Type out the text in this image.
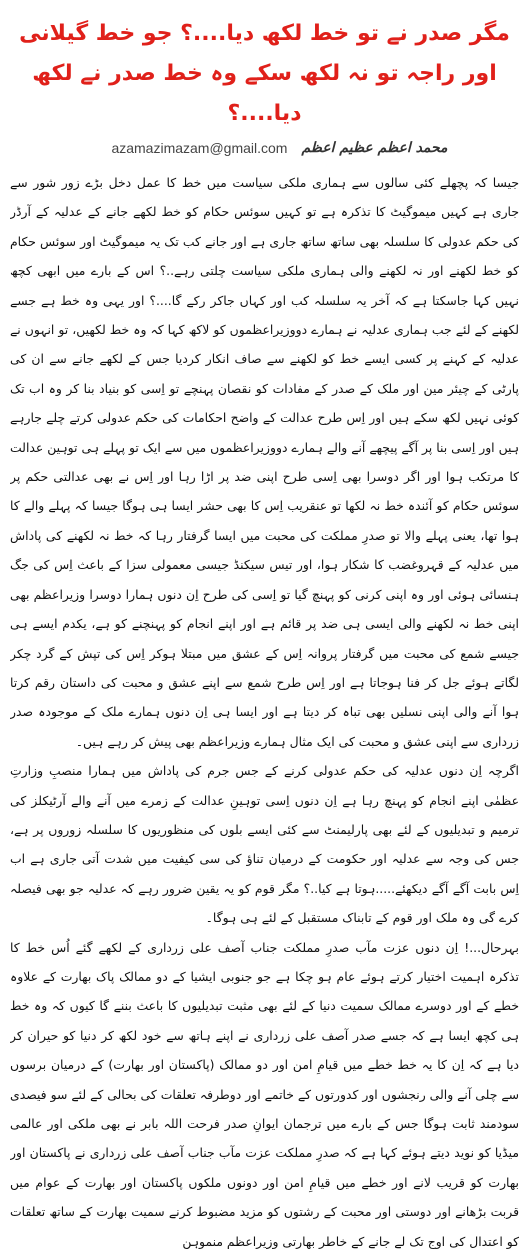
مگر صدر نے تو خط لکھ دیا....؟ جو خط گیلانی اور راجہ تو نہ لکھ سکے وہ خط صدر نے لکھ دیا....؟
azamazimazam@gmail.com محمد اعظم عظیم اعظم

جیسا کہ پچھلے کئی سالوں سے ہماری ملکی سیاست میں خط کا عمل دخل بڑے زور شور سے جاری ہے کہیں میموگیٹ کا تذکرہ ہے تو کہیں سوئس حکام کو خط لکھے جانے کے عدلیہ کے آرڈر کی حکم عدولی کا سلسلہ بھی ساتھ ساتھ جاری ہے اور جانے کب تک یہ میموگیٹ اور سوئس حکام کو خط لکھنے اور نہ لکھنے والی ہماری ملکی سیاست چلتی رہے..؟ اس کے بارے میں ابھی کچھ نہیں کہا جاسکتا ہے کہ آخر یہ سلسلہ کب اور کہاں جاکر رکے گا....؟ اور یہی وہ خط ہے جسے لکھنے کے لئے جب ہماری عدلیہ نے ہمارے دووزیراعظموں کو لاکھ کہا کہ وہ خط لکھیں، تو انہوں نے عدلیہ کے کہنے پر کسی ایسے خط کو لکھنے سے صاف انکار کردیا جس کے لکھے جانے سے ان کی پارٹی کے چیئر مین اور ملک کے صدر کے مفادات کو نقصان پہنچے تو اِسی کو بنیاد بنا کر وہ اب تک کوئی نہیں لکھ سکے ہیں اور اِس طرح عدالت کے واضح احکامات کی حکم عدولی کرتے چلے جارہے ہیں اور اِسی بنا پر آگے پیچھے آنے والے ہمارے دووزیراعظموں میں سے ایک تو پہلے ہی توہین عدالت کا مرتکب ہوا اور اگر دوسرا بھی اِسی طرح اپنی ضد پر اڑا رہا اور اِس نے بھی عدالتی حکم پر سوئس حکام کو آئندہ خط نہ لکھا تو عنقریب اِس کا بھی حشر ایسا ہی ہوگا جیسا کہ پہلے والے کا ہوا تھا، یعنی پہلے والا تو صدرِ مملکت کی محبت میں ایسا گرفتار رہا کہ خط نہ لکھنے کی پاداش میں عدلیہ کے قہروغضب کا شکار ہوا، اور تیس سیکنڈ جیسی معمولی سزا کے باعث اِس کی جگ ہنسائی ہوئی اور وہ اپنی کرنی کو پہنچ گیا تو اِسی کی طرح اِن دنوں ہمارا دوسرا وزیراعظم بھی اپنی خط نہ لکھنے والی ایسی ہی ضد پر قائم ہے اور اپنے انجام کو پہنچنے کو ہے، یکدم ایسے ہی جیسے شمع کی محبت میں گرفتار پروانہ اِس کے عشق میں مبتلا ہوکر اِس کی تپش کے گرد چکر لگاتے ہوئے جل کر فنا ہوجاتا ہے اور اِس طرح شمع سے اپنے عشق و محبت کی داستان رقم کرتا ہوا آنے والی اپنی نسلیں بھی تباہ کر دیتا ہے اور ایسا ہی اِن دنوں ہمارے ملک کے موجودہ صدر زرداری سے اپنی عشق و محبت کی ایک مثال ہمارے وزیراعظم بھی پیش کر رہے ہیں۔

اگرچہ اِن دنوں عدلیہ کی حکم عدولی کرنے کے جس جرم کی پاداش میں ہمارا منصبِ وزارتِ عظمٰی اپنے انجام کو پہنچ رہا ہے اِن دنوں اِسی توہینِ عدالت کے زمرے میں آنے والے آرٹیکلز کی ترمیم و تبدیلیوں کے لئے بھی پارلیمنٹ سے کئی ایسے بلوں کی منظوریوں کا سلسلہ زوروں پر ہے، جس کی وجہ سے عدلیہ اور حکومت کے درمیان تناؤ کی سی کیفیت میں شدت آتی جاری ہے اب اِس بابت آگے آگے دیکھئے.....ہوتا ہے کیا..؟ مگر قوم کو یہ یقین ضرور رہے کہ عدلیہ جو بھی فیصلہ کرے گی وہ ملک اور قوم کے تابناک مستقبل کے لئے ہی ہوگا۔

بہرحال...! اِن دنوں عزت مآب صدرِ مملکت جناب آصف علی زرداری کے لکھے گئے اُس خط کا تذکرہ اہمیت اختیار کرتے ہوئے عام ہو چکا ہے جو جنوبی ایشیا کے دو ممالک پاک بھارت کے علاوہ خطے کے اور دوسرے ممالک سمیت دنیا کے لئے بھی مثبت تبدیلیوں کا باعث بننے گا کیوں کہ وہ خط ہی کچھ ایسا ہے کہ جسے صدر آصف علی زرداری نے اپنے ہاتھ سے خود لکھ کر دنیا کو حیران کر دیا ہے کہ اِن کا یہ خط خطے میں قیامِ امن اور دو ممالک (پاکستان اور بھارت) کے درمیان برسوں سے چلی آنے والی رنجشوں اور کدورتوں کے خاتمے اور دوطرفہ تعلقات کی بحالی کے لئے سو فیصدی سودمند ثابت ہوگا جس کے بارے میں ترجمان ایوانِ صدر فرحت اللہ بابر نے بھی ملکی اور عالمی میڈیا کو نوید دیتے ہوئے کہا ہے کہ صدرِ مملکت عزت مآب جناب آصف علی زرداری نے پاکستان اور بھارت کو قریب لانے اور خطے میں قیامِ امن اور دونوں ملکوں پاکستان اور بھارت کے عوام میں قربت بڑھانے اور دوستی اور محبت کے رشتوں کو مزید مضبوط کرنے سمیت بھارت کے ساتھ تعلقات کو اعتدال کی اوج تک لے جانے کے خاطر بھارتی وزیراعظم منموہن
